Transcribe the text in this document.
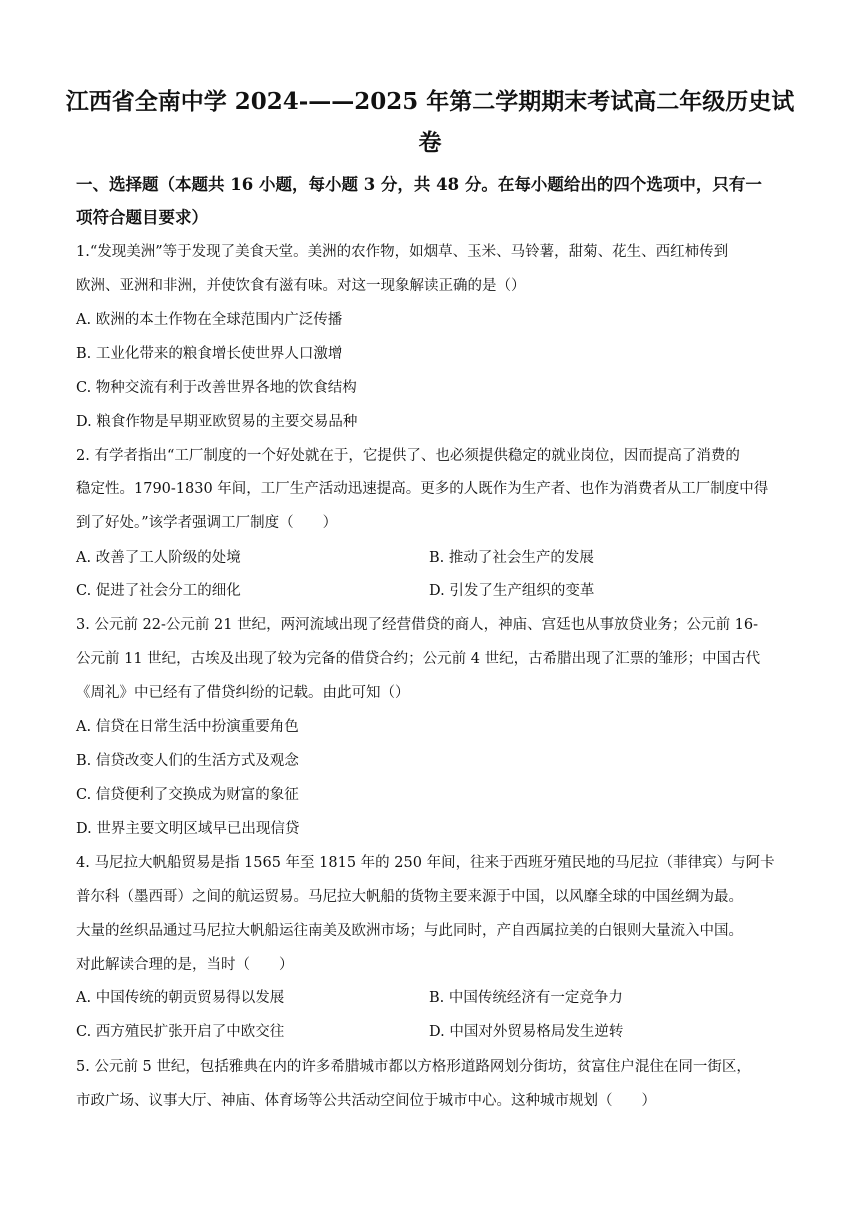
江西省全南中学 2024-——2025 年第二学期期末考试高二年级历史试
卷
一、选择题（本题共 16 小题，每小题 3 分，共 48 分。在每小题给出的四个选项中，只有一
项符合题目要求）
1.“发现美洲”等于发现了美食天堂。美洲的农作物，如烟草、玉米、马铃薯，甜菊、花生、西红柿传到
欧洲、亚洲和非洲，并使饮食有滋有味。对这一现象解读正确的是（）
A. 欧洲的本土作物在全球范围内广泛传播
B. 工业化带来的粮食增长使世界人口激增
C. 物种交流有利于改善世界各地的饮食结构
D. 粮食作物是早期亚欧贸易的主要交易品种
2. 有学者指出“工厂制度的一个好处就在于，它提供了、也必须提供稳定的就业岗位，因而提高了消费的
稳定性。1790-1830 年间，工厂生产活动迅速提高。更多的人既作为生产者、也作为消费者从工厂制度中得
到了好处。”该学者强调工厂制度（　　）
A. 改善了工人阶级的处境	B. 推动了社会生产的发展
C. 促进了社会分工的细化	D. 引发了生产组织的变革
3. 公元前 22-公元前 21 世纪，两河流域出现了经营借贷的商人，神庙、宫廷也从事放贷业务；公元前 16-
公元前 11 世纪，古埃及出现了较为完备的借贷合约；公元前 4 世纪，古希腊出现了汇票的雏形；中国古代
《周礼》中已经有了借贷纠纷的记载。由此可知（）
A. 信贷在日常生活中扮演重要角色
B. 信贷改变人们的生活方式及观念
C. 信贷便利了交换成为财富的象征
D. 世界主要文明区域早已出现信贷
4. 马尼拉大帆船贸易是指 1565 年至 1815 年的 250 年间，往来于西班牙殖民地的马尼拉（菲律宾）与阿卡
普尔科（墨西哥）之间的航运贸易。马尼拉大帆船的货物主要来源于中国，以风靡全球的中国丝绸为最。
大量的丝织品通过马尼拉大帆船运往南美及欧洲市场；与此同时，产自西属拉美的白银则大量流入中国。
对此解读合理的是，当时（　　）
A. 中国传统的朝贡贸易得以发展	B. 中国传统经济有一定竞争力
C. 西方殖民扩张开启了中欧交往	D. 中国对外贸易格局发生逆转
5. 公元前 5 世纪，包括雅典在内的许多希腊城市都以方格形道路网划分街坊，贫富住户混住在同一街区，
市政广场、议事大厅、神庙、体育场等公共活动空间位于城市中心。这种城市规划（　　）
